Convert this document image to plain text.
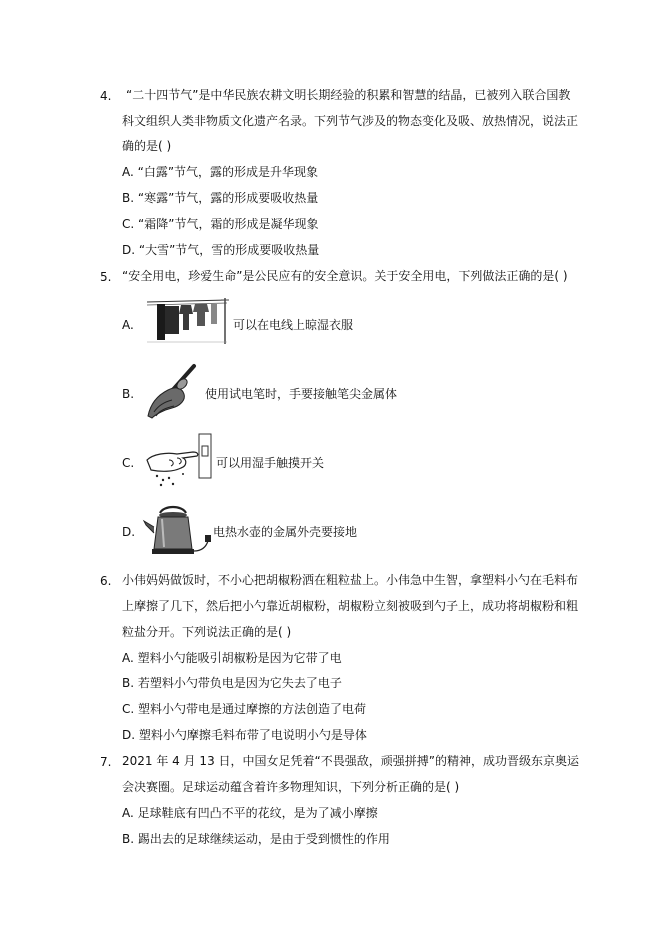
4. “二十四节气”是中华民族农耕文明长期经验的积累和智慧的结晶，已被列入联合国教
科文组织人类非物质文化遗产名录。下列节气涉及的物态变化及吸、放热情况，说法正
确的是( )
A. “白露”节气，露的形成是升华现象
B. “寒露”节气，露的形成要吸收热量
C. “霜降”节气，霜的形成是凝华现象
D. “大雪”节气，雪的形成要吸收热量
5. “安全用电，珍爱生命”是公民应有的安全意识。关于安全用电，下列做法正确的是( )
A.	可以在电线上晾湿衣服
B.	使用试电笔时，手要接触笔尖金属体
C.	可以用湿手触摸开关
D.	电热水壶的金属外壳要接地
6. 小伟妈妈做饭时，不小心把胡椒粉洒在粗粒盐上。小伟急中生智，拿塑料小勺在毛料布
上摩擦了几下，然后把小勺靠近胡椒粉，胡椒粉立刻被吸到勺子上，成功将胡椒粉和粗
粒盐分开。下列说法正确的是( )
A. 塑料小勺能吸引胡椒粉是因为它带了电
B. 若塑料小勺带负电是因为它失去了电子
C. 塑料小勺带电是通过摩擦的方法创造了电荷
D. 塑料小勺摩擦毛料布带了电说明小勺是导体
7. 2021 年 4 月 13 日，中国女足凭着“不畏强敌，顽强拼搏”的精神，成功晋级东京奥运
会决赛圈。足球运动蕴含着许多物理知识，下列分析正确的是( )
A. 足球鞋底有凹凸不平的花纹，是为了减小摩擦
B. 踢出去的足球继续运动，是由于受到惯性的作用
